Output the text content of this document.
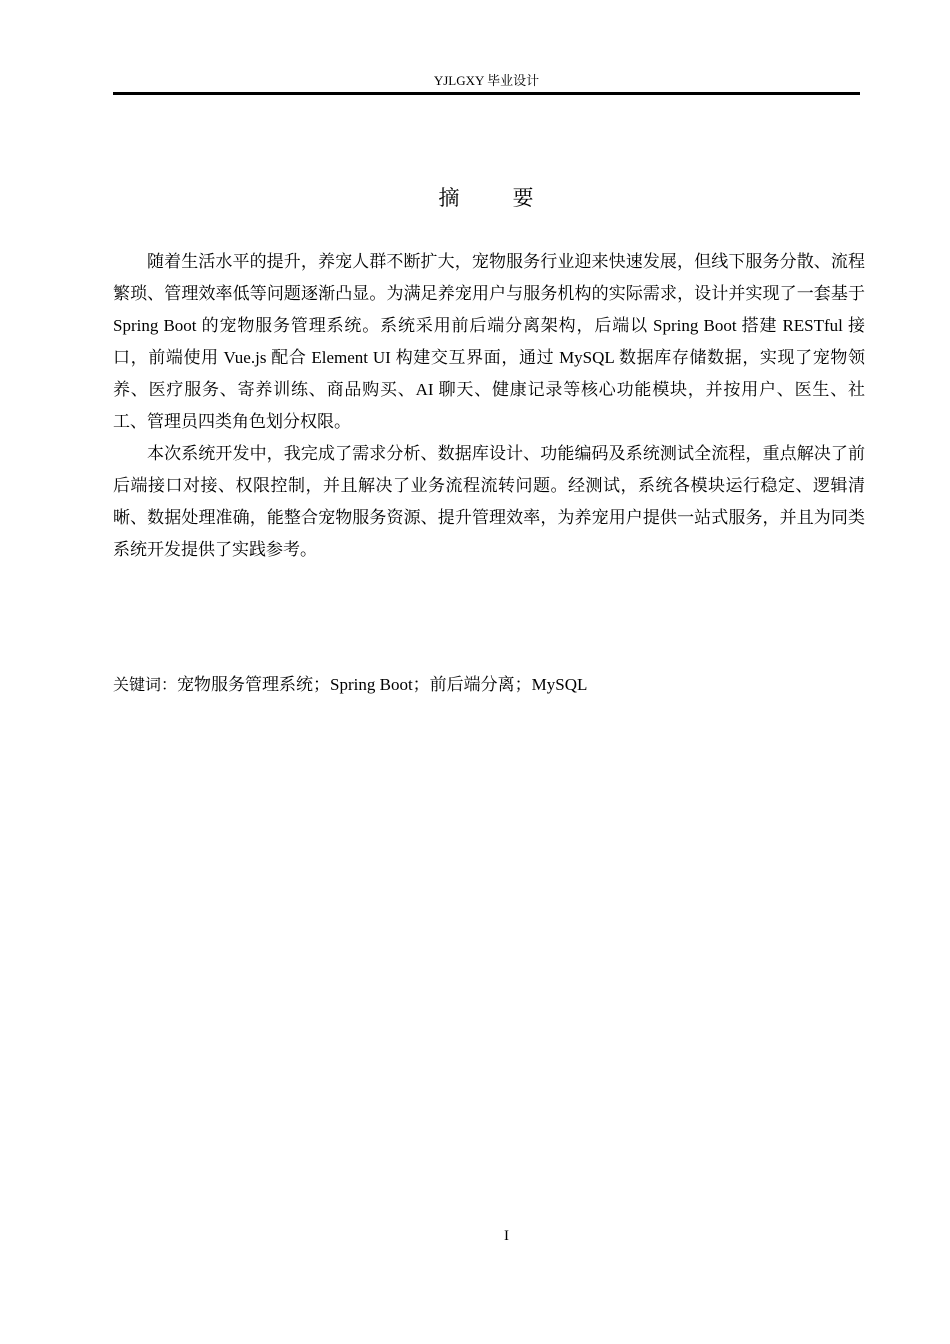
YJLGXY 毕业设计
摘 要

随着生活水平的提升，养宠人群不断扩大，宠物服务行业迎来快速发展，但线下服务分散、流程繁琐、管理效率低等问题逐渐凸显。为满足养宠用户与服务机构的实际需求，设计并实现了一套基于 Spring Boot 的宠物服务管理系统。系统采用前后端分离架构，后端以 Spring Boot 搭建 RESTful 接口，前端使用 Vue.js 配合 Element UI 构建交互界面，通过 MySQL 数据库存储数据，实现了宠物领养、医疗服务、寄养训练、商品购买、AI 聊天、健康记录等核心功能模块，并按用户、医生、社工、管理员四类角色划分权限。

本次系统开发中，我完成了需求分析、数据库设计、功能编码及系统测试全流程，重点解决了前后端接口对接、权限控制，并且解决了业务流程流转问题。经测试，系统各模块运行稳定、逻辑清晰、数据处理准确，能整合宠物服务资源、提升管理效率，为养宠用户提供一站式服务，并且为同类系统开发提供了实践参考。

关键词：宠物服务管理系统；Spring Boot；前后端分离；MySQL
I
